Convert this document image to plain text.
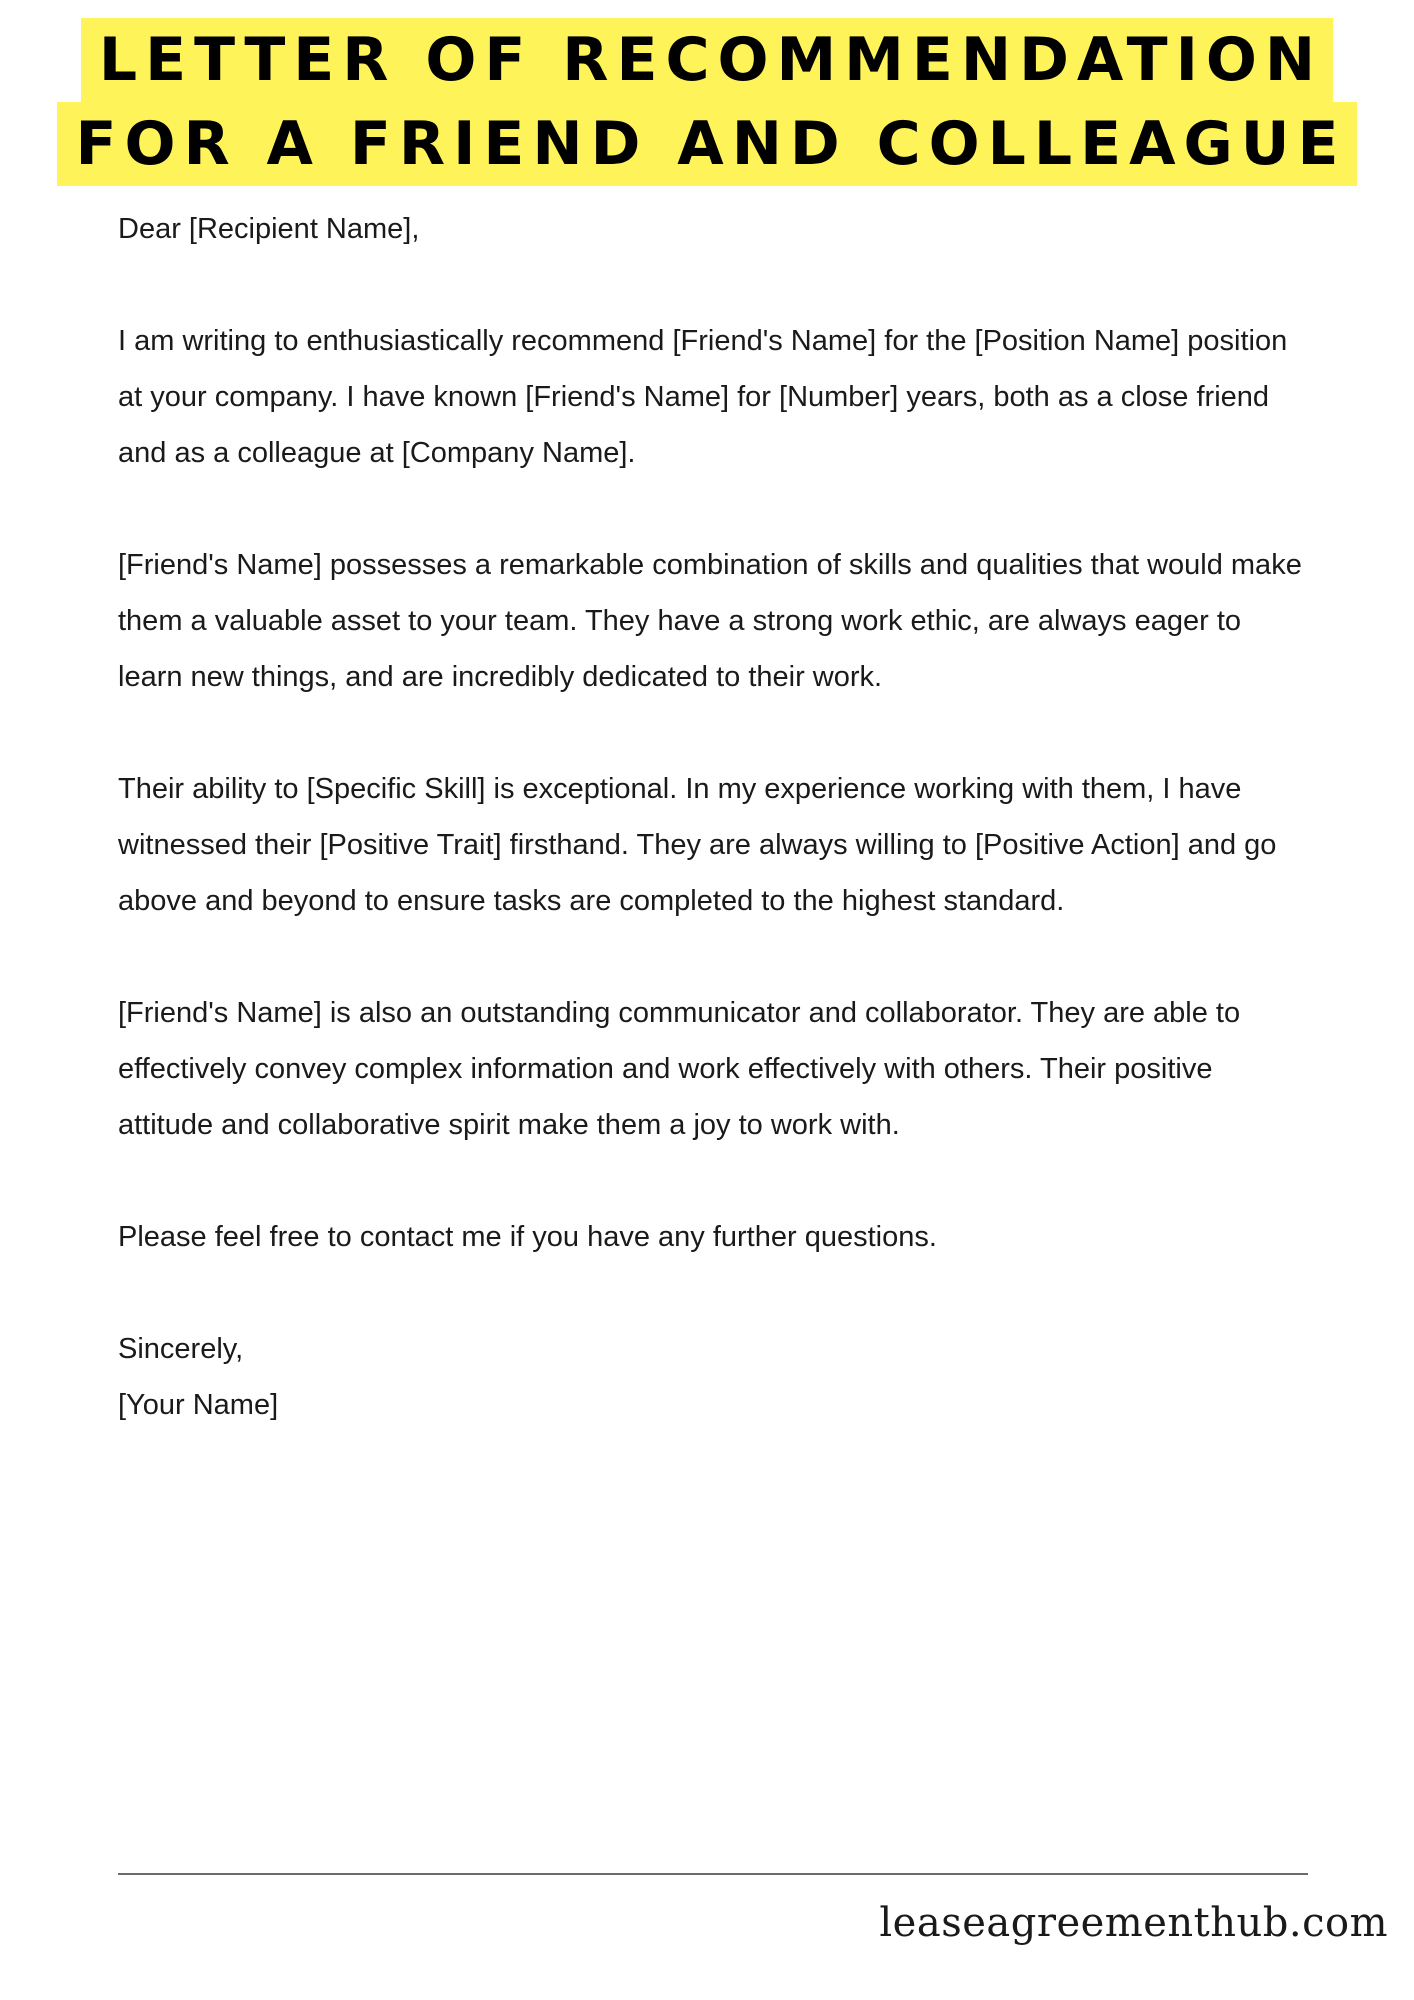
LETTER OF RECOMMENDATION
FOR A FRIEND AND COLLEAGUE

Dear [Recipient Name],

I am writing to enthusiastically recommend [Friend's Name] for the [Position Name] position at your company. I have known [Friend's Name] for [Number] years, both as a close friend and as a colleague at [Company Name].

[Friend's Name] possesses a remarkable combination of skills and qualities that would make them a valuable asset to your team. They have a strong work ethic, are always eager to learn new things, and are incredibly dedicated to their work.

Their ability to [Specific Skill] is exceptional. In my experience working with them, I have witnessed their [Positive Trait] firsthand. They are always willing to [Positive Action] and go above and beyond to ensure tasks are completed to the highest standard.

[Friend's Name] is also an outstanding communicator and collaborator. They are able to effectively convey complex information and work effectively with others. Their positive attitude and collaborative spirit make them a joy to work with.

Please feel free to contact me if you have any further questions.

Sincerely,

[Your Name]

leaseagreementhub.com
